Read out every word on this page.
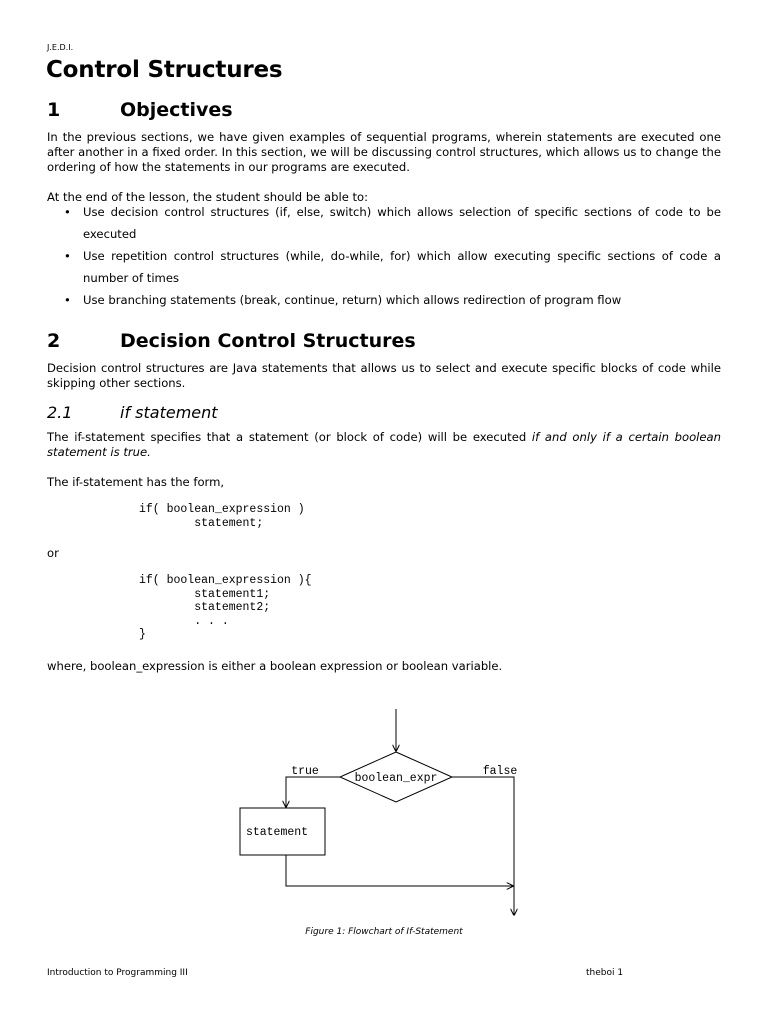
J.E.D.I.
Control Structures
1	Objectives

In the previous sections, we have given examples of sequential programs, wherein statements are executed one after another in a fixed order. In this section, we will be discussing control structures, which allows us to change the ordering of how the statements in our programs are executed.

At the end of the lesson, the student should be able to:

• Use decision control structures (if, else, switch) which allows selection of specific sections of code to be executed
• Use repetition control structures (while, do-while, for) which allow executing specific sections of code a number of times
• Use branching statements (break, continue, return) which allows redirection of program flow
2	Decision Control Structures

Decision control structures are Java statements that allows us to select and execute specific blocks of code while skipping other sections.

2.1	if statement

The if-statement specifies that a statement (or block of code) will be executed if and only if a certain boolean statement is true.

The if-statement has the form,

if( boolean_expression )
statement;

or

if( boolean_expression ){
statement1;
statement2;
. . .
}

where, boolean_expression is either a boolean expression or boolean variable.

boolean_expr
true	false
statement
Figure 1: Flowchart of If-Statement
Introduction to Programming III	theboi 1
